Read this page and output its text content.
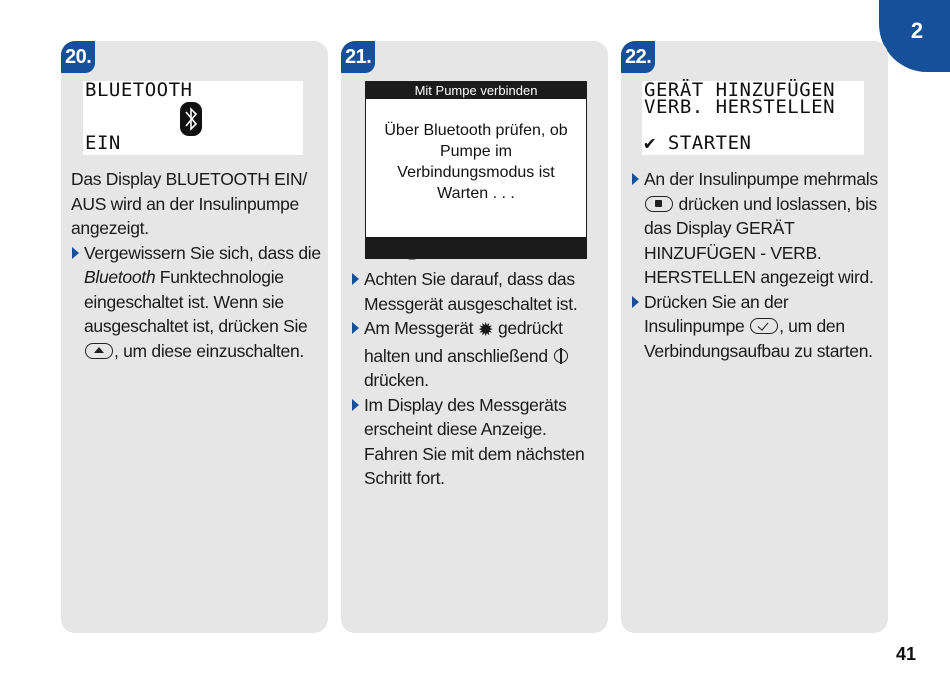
2
20.
BLUETOOTH
EIN

Das Display BLUETOOTH EIN/ AUS wird an der Insulinpumpe angezeigt.

Vergewissern Sie sich, dass die Bluetooth Funktechnologie eingeschaltet ist. Wenn sie ausgeschaltet ist, drücken Sie , um diese einzuschalten.

21.
Mit Pumpe verbinden
Über Bluetooth prüfen, ob
Pumpe im
Verbindungsmodus ist
Warten . . .

Achten Sie darauf, dass das Messgerät ausgeschaltet ist.

Am Messgerät ✹ gedrückt halten und anschließend  drücken.

Im Display des Messgeräts erscheint diese Anzeige. Fahren Sie mit dem nächsten Schritt fort.

22.
GERÄT HINZUFÜGEN
VERB. HERSTELLEN
✔ STARTEN

An der Insulinpumpe mehrmals  drücken und loslassen, bis das Display GERÄT HINZUFÜGEN - VERB. HERSTELLEN angezeigt wird.

Drücken Sie an der Insulinpumpe , um den Verbindungsaufbau zu starten.

41
